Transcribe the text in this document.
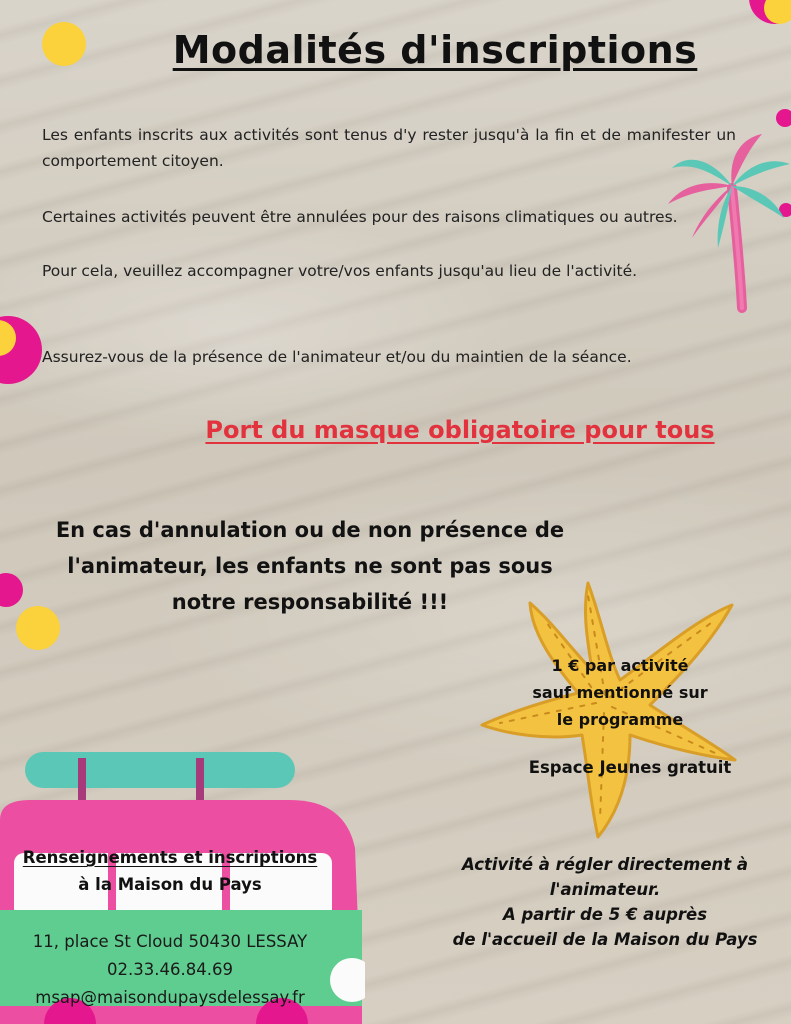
Modalités d'inscriptions

Les enfants inscrits aux activités sont tenus d'y rester jusqu'à la fin et de manifester un comportement citoyen.

Certaines activités peuvent être annulées pour des raisons climatiques ou autres.

Pour cela, veuillez accompagner votre/vos enfants jusqu'au lieu de l'activité.

Assurez-vous de la présence de l'animateur et/ou du maintien de la séance.

Port du masque obligatoire pour tous
En cas d'annulation ou de non présence de
l'animateur, les enfants ne sont pas sous
notre responsabilité !!!
1 € par activité
sauf mentionné sur
le programme
Espace Jeunes gratuit
Activité à régler directement à
l'animateur.
A partir de 5 € auprès
de l'accueil de la Maison du Pays
Renseignements et inscriptions
à la Maison du Pays
11, place St Cloud 50430 LESSAY
02.33.46.84.69
msap@maisondupaysdelessay.fr
